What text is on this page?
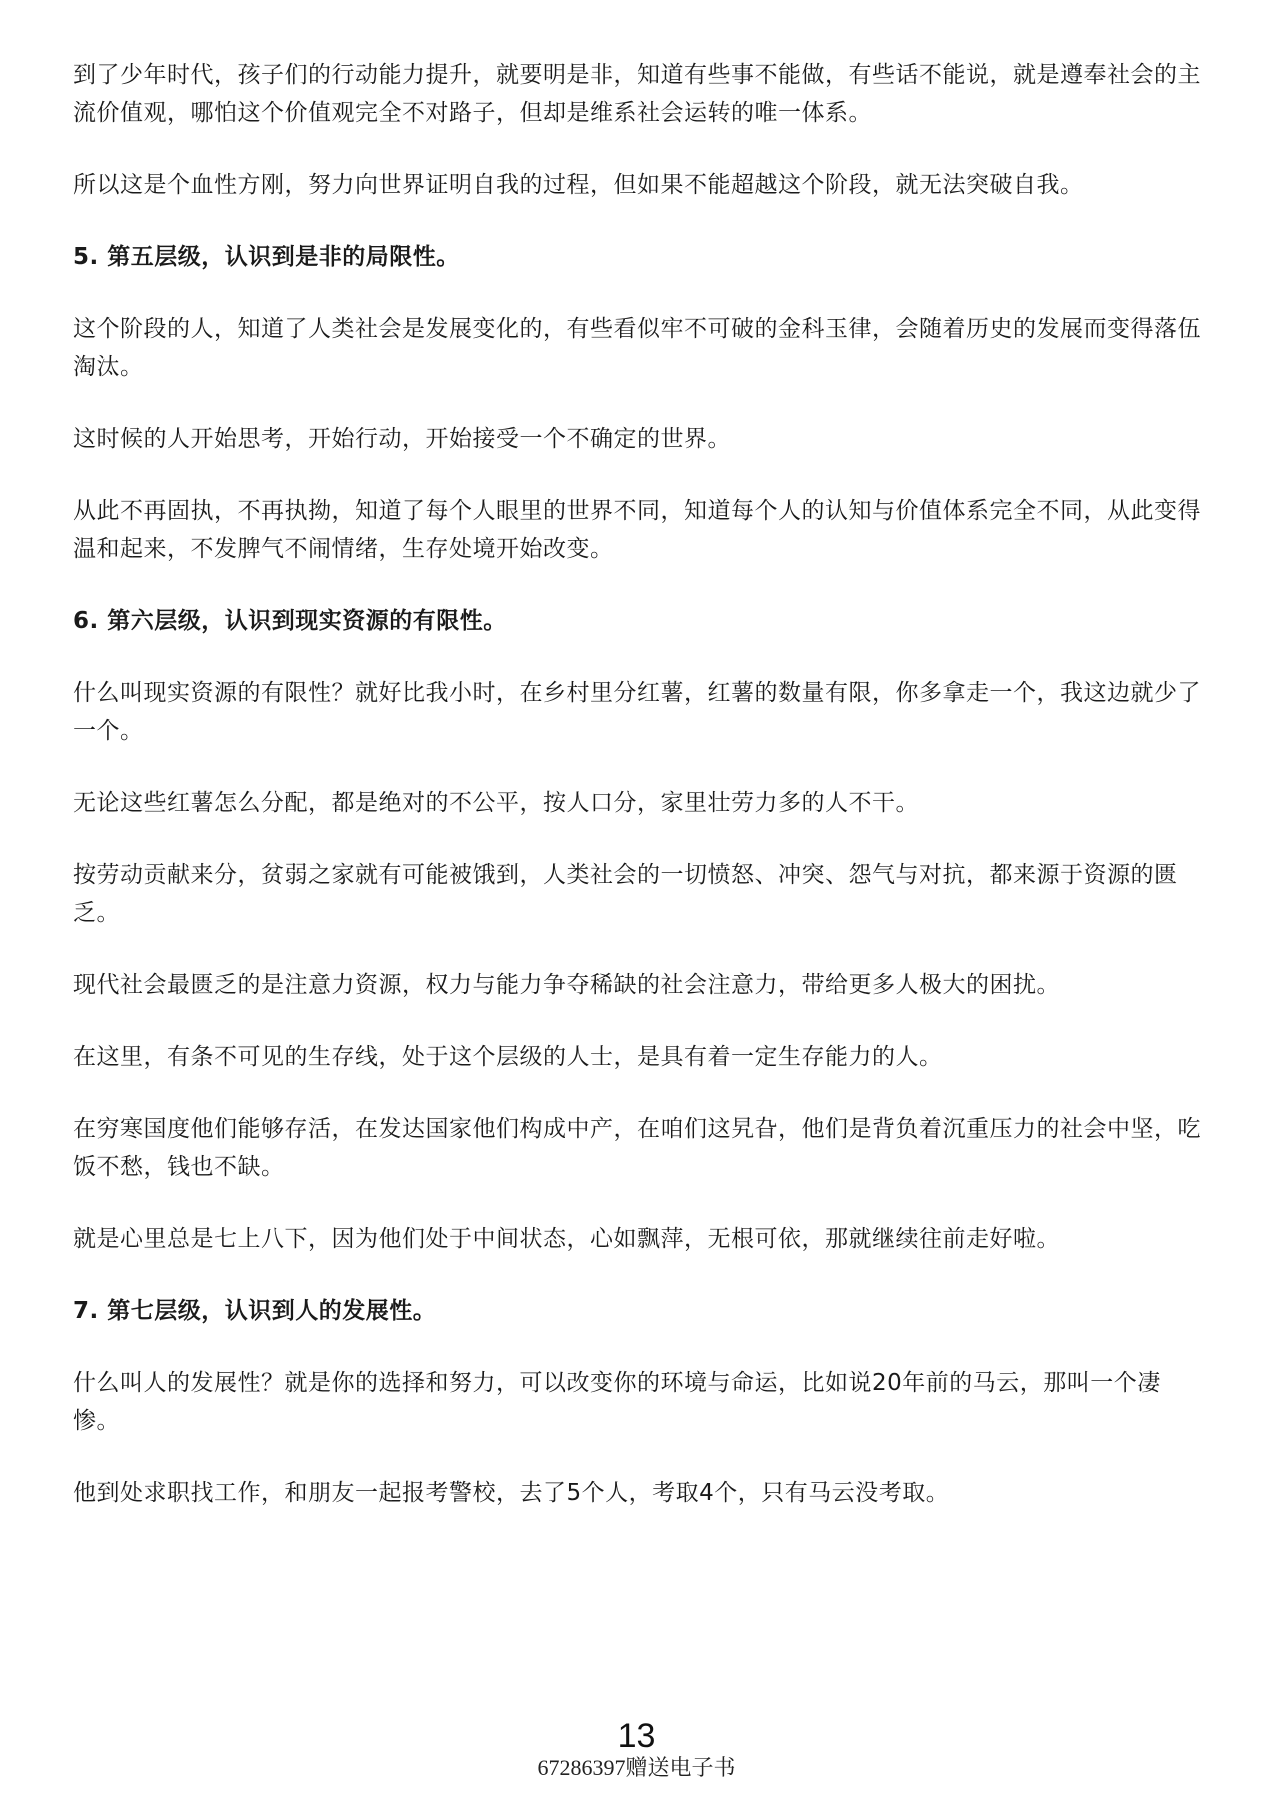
到了少年时代，孩子们的行动能力提升，就要明是非，知道有些事不能做，有些话不能说，就是遵奉社会的主流价值观，哪怕这个价值观完全不对路子，但却是维系社会运转的唯一体系。

所以这是个血性方刚，努力向世界证明自我的过程，但如果不能超越这个阶段，就无法突破自我。

5. 第五层级，认识到是非的局限性。

这个阶段的人，知道了人类社会是发展变化的，有些看似牢不可破的金科玉律，会随着历史的发展而变得落伍淘汰。

这时候的人开始思考，开始行动，开始接受一个不确定的世界。

从此不再固执，不再执拗，知道了每个人眼里的世界不同，知道每个人的认知与价值体系完全不同，从此变得温和起来，不发脾气不闹情绪，生存处境开始改变。

6. 第六层级，认识到现实资源的有限性。

什么叫现实资源的有限性？就好比我小时，在乡村里分红薯，红薯的数量有限，你多拿走一个，我这边就少了一个。

无论这些红薯怎么分配，都是绝对的不公平，按人口分，家里壮劳力多的人不干。

按劳动贡献来分，贫弱之家就有可能被饿到，人类社会的一切愤怒、冲突、怨气与对抗，都来源于资源的匮乏。

现代社会最匮乏的是注意力资源，权力与能力争夺稀缺的社会注意力，带给更多人极大的困扰。

在这里，有条不可见的生存线，处于这个层级的人士，是具有着一定生存能力的人。

在穷寒国度他们能够存活，在发达国家他们构成中产，在咱们这旯旮，他们是背负着沉重压力的社会中坚，吃饭不愁，钱也不缺。

就是心里总是七上八下，因为他们处于中间状态，心如飘萍，无根可依，那就继续往前走好啦。

7. 第七层级，认识到人的发展性。

什么叫人的发展性？就是你的选择和努力，可以改变你的环境与命运，比如说20年前的马云，那叫一个凄惨。

他到处求职找工作，和朋友一起报考警校，去了5个人，考取4个，只有马云没考取。

13
67286397赠送电子书
